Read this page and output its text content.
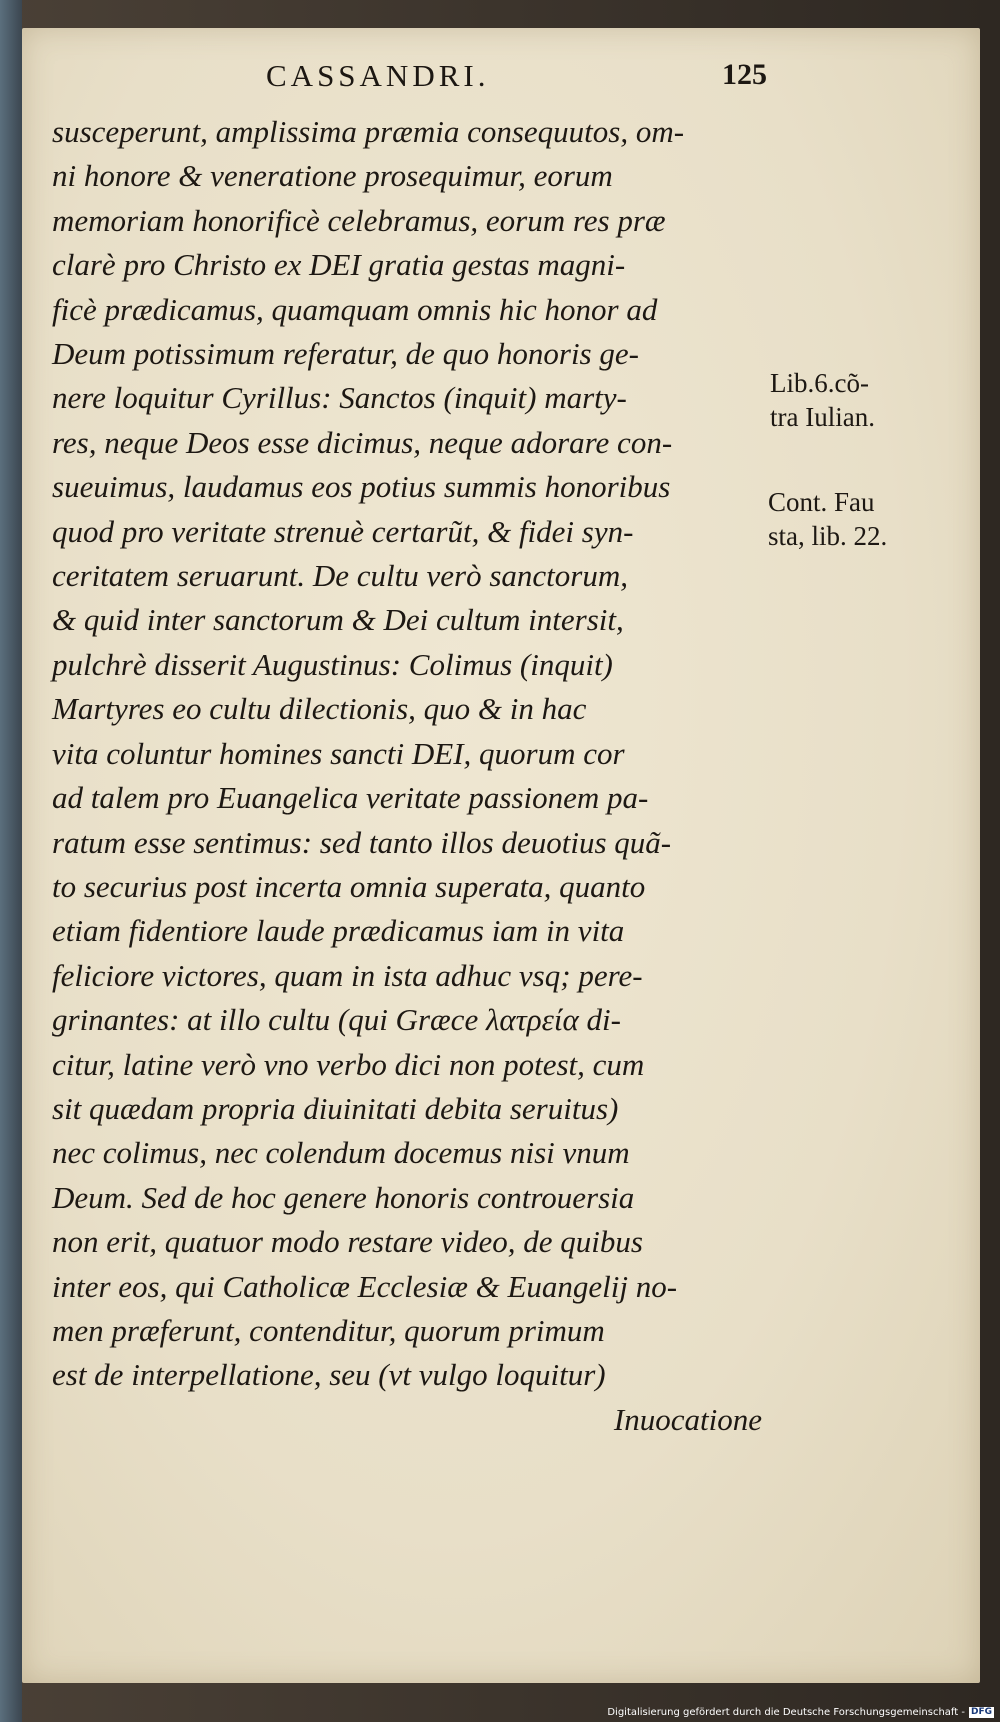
CASSANDRI.	125
susceperunt, amplissima præmia consequutos, om-
ni honore & veneratione prosequimur, eorum
memoriam honorificè celebramus, eorum res præ
clarè pro Christo ex DEI gratia gestas magni-
ficè prædicamus, quamquam omnis hic honor ad
Deum potissimum referatur, de quo honoris ge-
nere loquitur Cyrillus: Sanctos (inquit) marty-
res, neque Deos esse dicimus, neque adorare con-
sueuimus, laudamus eos potius summis honoribus
quod pro veritate strenuè certarũt, & fidei syn-
ceritatem seruarunt. De cultu verò sanctorum,
& quid inter sanctorum & Dei cultum intersit,
pulchrè disserit Augustinus: Colimus (inquit)
Martyres eo cultu dilectionis, quo & in hac
vita coluntur homines sancti DEI, quorum cor
ad talem pro Euangelica veritate passionem pa-
ratum esse sentimus: sed tanto illos deuotius quã-
to securius post incerta omnia superata, quanto
etiam fidentiore laude prædicamus iam in vita
feliciore victores, quam in ista adhuc vsq; pere-
grinantes: at illo cultu (qui Græce λατρεία di-
citur, latine verò vno verbo dici non potest, cum
sit quædam propria diuinitati debita seruitus)
nec colimus, nec colendum docemus nisi vnum
Deum. Sed de hoc genere honoris controuersia
non erit, quatuor modo restare video, de quibus
inter eos, qui Catholicæ Ecclesiæ & Euangelij no-
men præferunt, contenditur, quorum primum
est de interpellatione, seu (vt vulgo loquitur)
Inuocatione
Lib.6.cõ-
tra Iulian.
Cont. Fau
sta, lib. 22.
Digitalisierung gefördert durch die Deutsche Forschungsgemeinschaft - DFG
